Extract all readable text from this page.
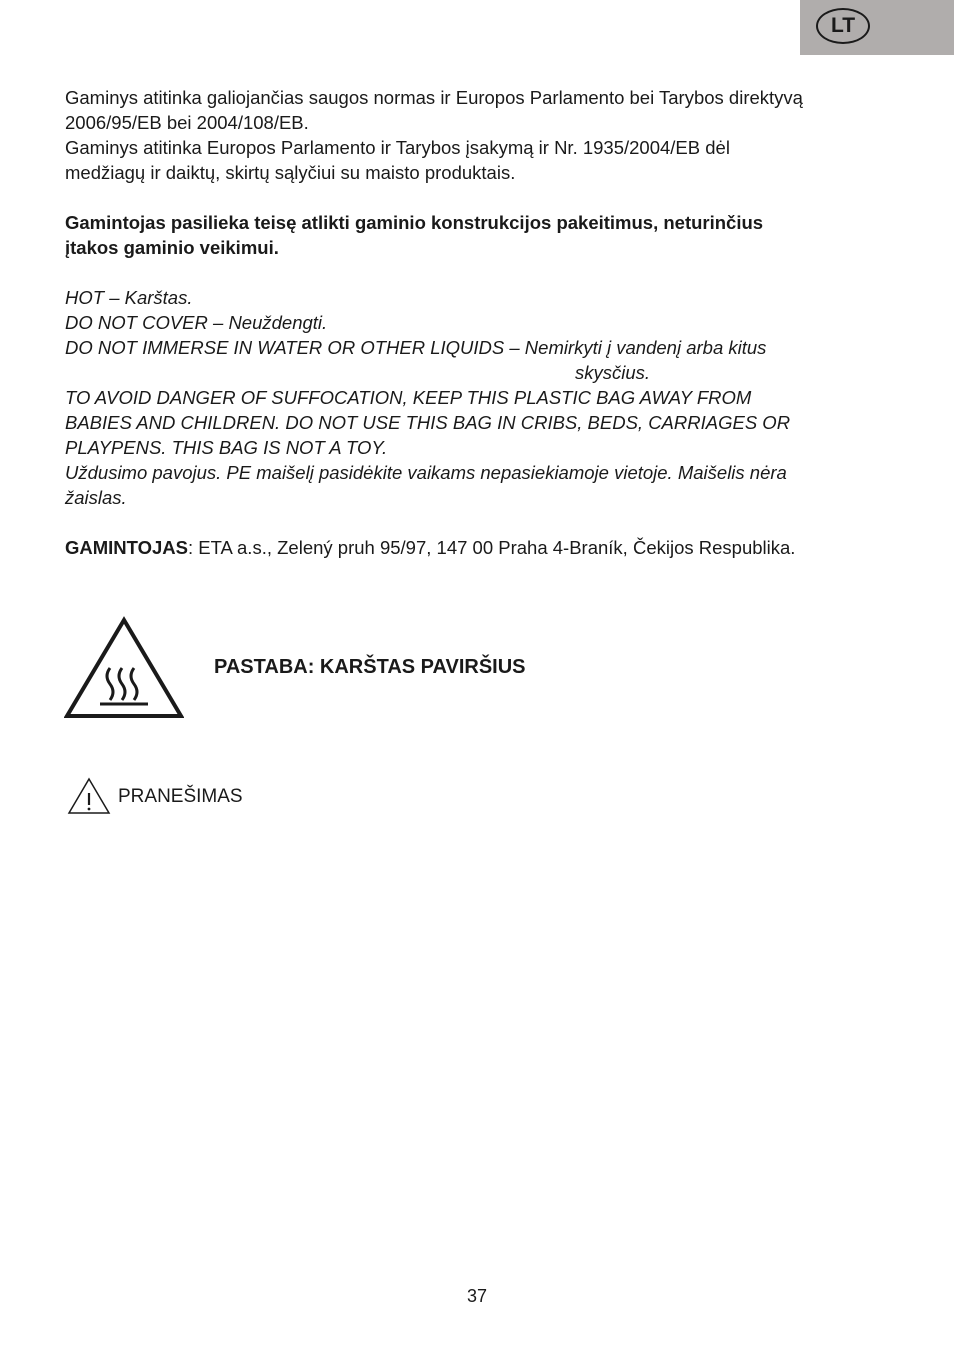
LT

Gaminys atitinka galiojančias saugos normas ir Europos Parlamento bei Tarybos direktyvą

2006/95/EB bei 2004/108/EB.

Gaminys atitinka Europos Parlamento ir Tarybos įsakymą ir Nr. 1935/2004/EB dėl

medžiagų ir daiktų, skirtų sąlyčiui su maisto produktais.

Gamintojas pasilieka teisę atlikti gaminio konstrukcijos pakeitimus, neturinčius

įtakos gaminio veikimui.

HOT – Karštas.

DO NOT COVER – Neuždengti.

DO NOT IMMERSE IN WATER OR OTHER LIQUIDS – Nemirkyti į vandenį arba kitus

skysčius.

TO AVOID DANGER OF SUFFOCATION, KEEP THIS PLASTIC BAG AWAY FROM

BABIES AND CHILDREN. DO NOT USE THIS BAG IN CRIBS, BEDS, CARRIAGES OR

PLAYPENS. THIS BAG IS NOT A TOY.

Uždusimo pavojus. PE maišelį pasidėkite vaikams nepasiekiamoje vietoje. Maišelis nėra

žaislas.

GAMINTOJAS: ETA a.s., Zelený pruh 95/97, 147 00 Praha 4-Braník, Čekijos Respublika.

PASTABA: KARŠTAS PAVIRŠIUS
PRANEŠIMAS
37
